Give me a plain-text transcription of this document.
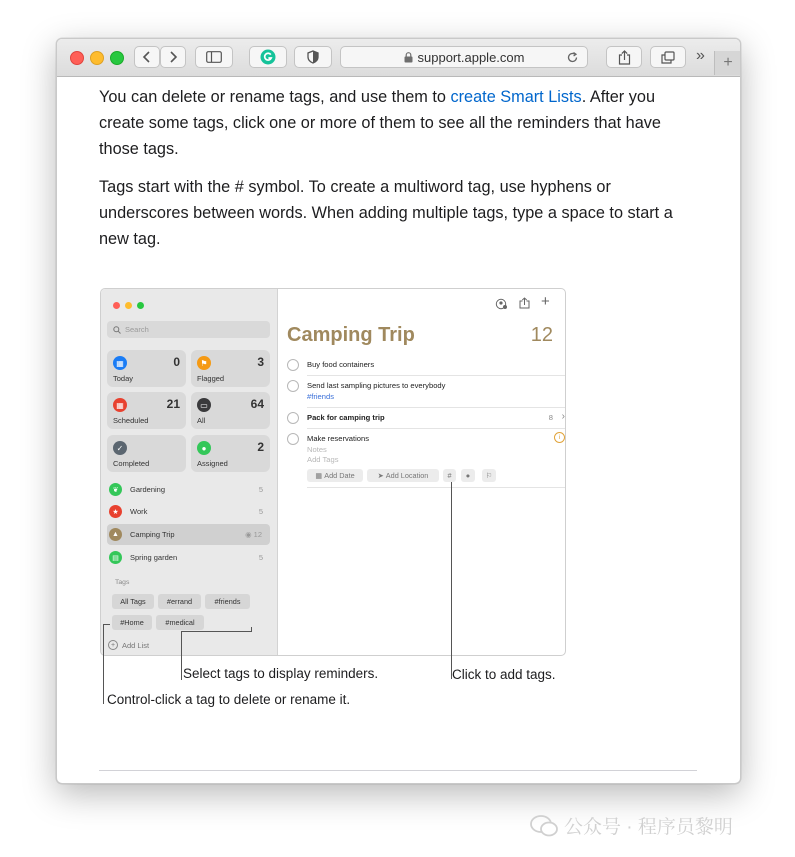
support.apple.com	» +

You can delete or rename tags, and use them to create Smart Lists. After you create some tags, click one or more of them to see all the reminders that have those tags.

Tags start with the # symbol. To create a multiword tag, use hyphens or underscores between words. When adding multiple tags, type a space to start a new tag.

Search
▦	0
Today
⚑	3
Flagged
▦	21
Scheduled
▭	64
All
✓
Completed
●	2
Assigned
❦	Gardening	5
★	Work	5
▲	Camping Trip	◉ 12
▤	Spring garden	5
Tags
All Tags	#errand	#friends
#Home	#medical
+ Add List
+
Camping Trip	12
Buy food containers
Send last sampling pictures to everybody
#friends
Pack for camping trip	8 ›
Make reservations	i
Notes
Add Tags
▦ Add Date	➤ Add Location	#	●	⚐
Select tags to display reminders.	Click to add tags.
Control-click a tag to delete or rename it.
公众号 · 程序员黎明
